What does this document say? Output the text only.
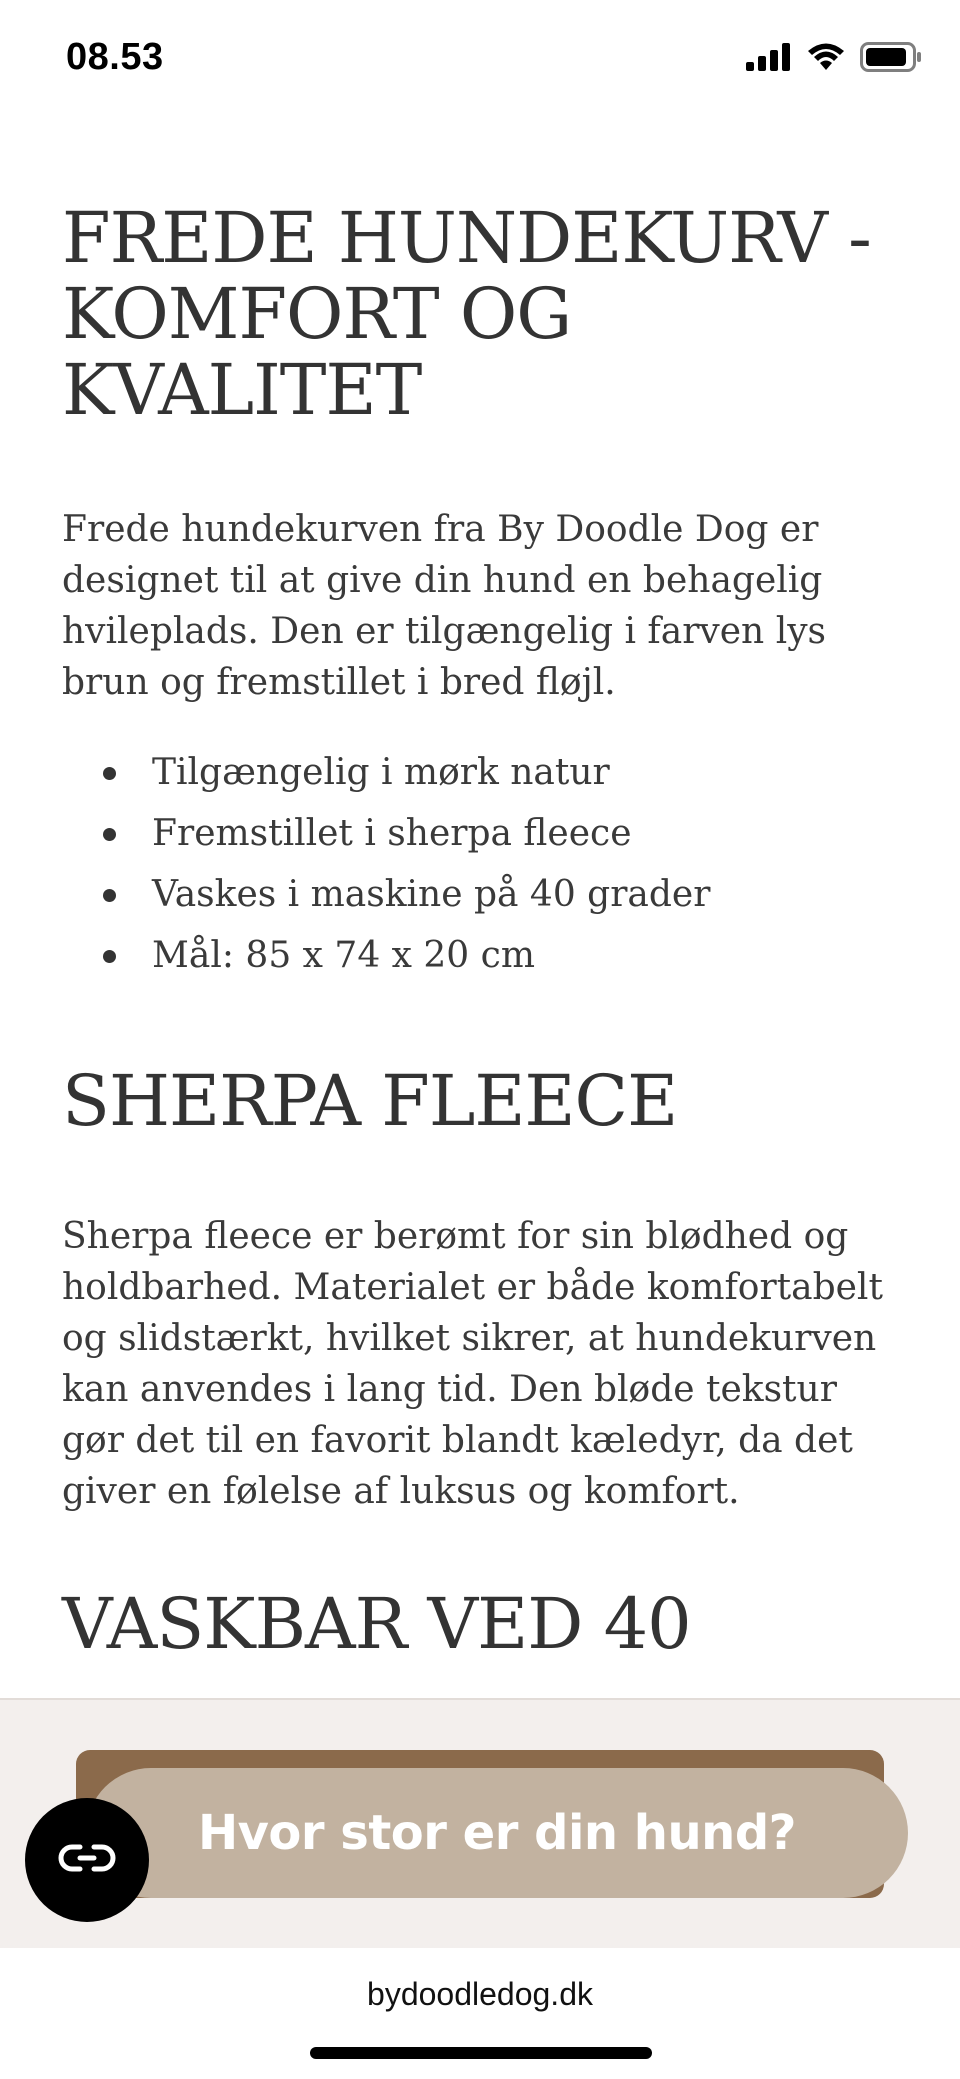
08.53
FREDE HUNDEKURV - KOMFORT OG KVALITET

Frede hundekurven fra By Doodle Dog er designet til at give din hund en behagelig hvileplads. Den er tilgængelig i farven lys brun og fremstillet i bred fløjl.

Tilgængelig i mørk natur
Fremstillet i sherpa fleece
Vaskes i maskine på 40 grader
Mål: 85 x 74 x 20 cm
SHERPA FLEECE

Sherpa fleece er berømt for sin blødhed og holdbarhed. Materialet er både komfortabelt og slidstærkt, hvilket sikrer, at hundekurven kan anvendes i lang tid. Den bløde tekstur gør det til en favorit blandt kæledyr, da det giver en følelse af luksus og komfort.

VASKBAR VED 40
Hvor stor er din hund?
bydoodledog.dk
